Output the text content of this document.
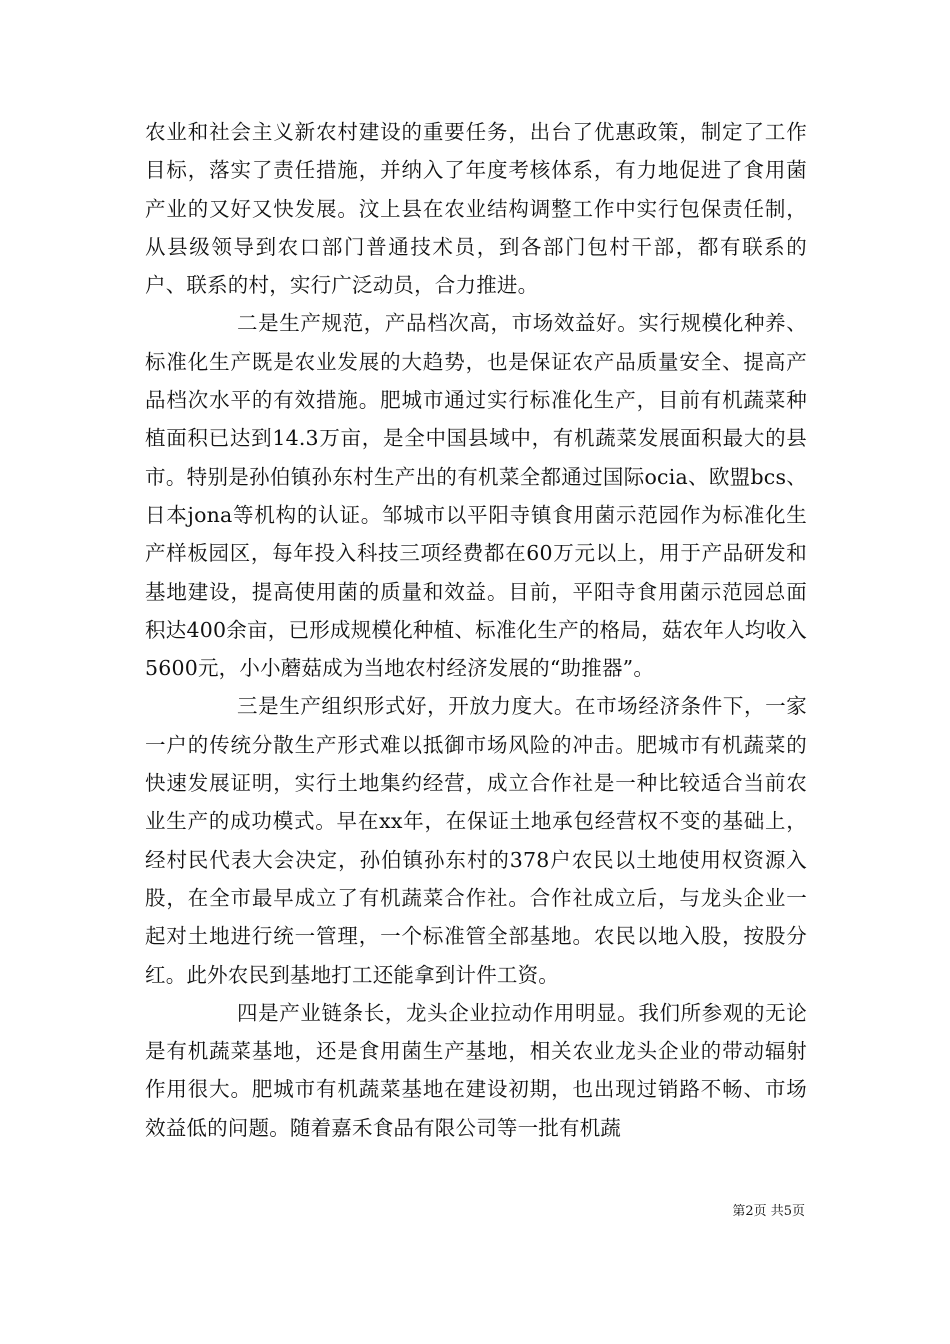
农业和社会主义新农村建设的重要任务，出台了优惠政策，制定了工作目标，落实了责任措施，并纳入了年度考核体系，有力地促进了食用菌产业的又好又快发展。汶上县在农业结构调整工作中实行包保责任制，从县级领导到农口部门普通技术员，到各部门包村干部，都有联系的户、联系的村，实行广泛动员，合力推进。

二是生产规范，产品档次高，市场效益好。实行规模化种养、标准化生产既是农业发展的大趋势，也是保证农产品质量安全、提高产品档次水平的有效措施。肥城市通过实行标准化生产，目前有机蔬菜种植面积已达到14.3万亩，是全中国县域中，有机蔬菜发展面积最大的县市。特别是孙伯镇孙东村生产出的有机菜全都通过国际ocia、欧盟bcs、日本jona等机构的认证。邹城市以平阳寺镇食用菌示范园作为标准化生产样板园区，每年投入科技三项经费都在60万元以上，用于产品研发和基地建设，提高使用菌的质量和效益。目前，平阳寺食用菌示范园总面积达400余亩，已形成规模化种植、标准化生产的格局，菇农年人均收入5600元，小小蘑菇成为当地农村经济发展的“助推器”。

三是生产组织形式好，开放力度大。在市场经济条件下，一家一户的传统分散生产形式难以抵御市场风险的冲击。肥城市有机蔬菜的快速发展证明，实行土地集约经营，成立合作社是一种比较适合当前农业生产的成功模式。早在xx年，在保证土地承包经营权不变的基础上，经村民代表大会决定，孙伯镇孙东村的378户农民以土地使用权资源入股，在全市最早成立了有机蔬菜合作社。合作社成立后，与龙头企业一起对土地进行统一管理，一个标准管全部基地。农民以地入股，按股分红。此外农民到基地打工还能拿到计件工资。

四是产业链条长，龙头企业拉动作用明显。我们所参观的无论是有机蔬菜基地，还是食用菌生产基地，相关农业龙头企业的带动辐射作用很大。肥城市有机蔬菜基地在建设初期，也出现过销路不畅、市场效益低的问题。随着嘉禾食品有限公司等一批有机蔬

第2页 共5页
